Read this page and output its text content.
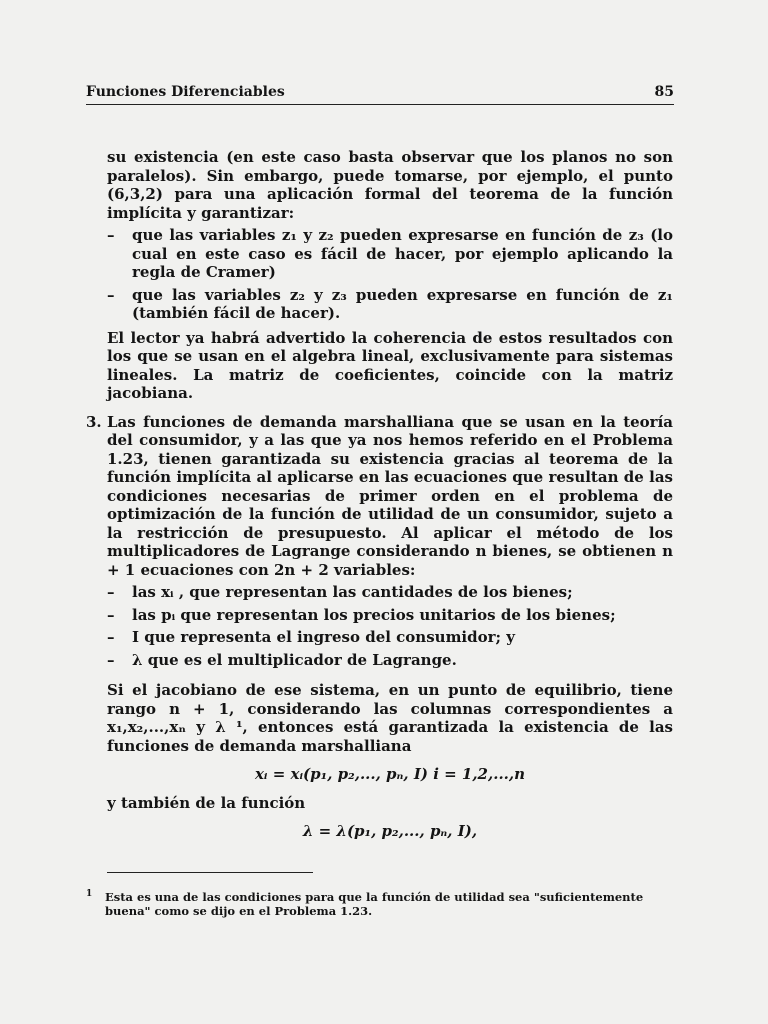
Funciones Diferenciables	85

su existencia (en este caso basta observar que los planos no son paralelos). Sin embargo, puede tomarse, por ejemplo, el punto (6,3,2) para una aplicación formal del teorema de la función implícita y garantizar:

– que las variables z₁ y z₂ pueden expresarse en función de z₃ (lo cual en este caso es fácil de hacer, por ejemplo aplicando la regla de Cramer)
– que las variables z₂ y z₃ pueden expresarse en función de z₁ (también fácil de hacer).

El lector ya habrá advertido la coherencia de estos resultados con los que se usan en el algebra lineal, exclusivamente para sistemas lineales. La matriz de coeficientes, coincide con la matriz jacobiana.

3. Las funciones de demanda marshalliana que se usan en la teoría del consumidor, y a las que ya nos hemos referido en el Problema 1.23, tienen garantizada su existencia gracias al teorema de la función implícita al aplicarse en las ecuaciones que resultan de las condiciones necesarias de primer orden en el problema de optimización de la función de utilidad de un consumidor, sujeto a la restricción de presupuesto. Al aplicar el método de los multiplicadores de Lagrange considerando n bienes, se obtienen n + 1 ecuaciones con 2n + 2 variables:

– las xᵢ , que representan las cantidades de los bienes;
– las pᵢ que representan los precios unitarios de los bienes;
– I que representa el ingreso del consumidor; y
– λ que es el multiplicador de Lagrange.

Si el jacobiano de ese sistema, en un punto de equilibrio, tiene rango n + 1, considerando las columnas correspondientes a x₁,x₂,...,xₙ y λ ¹, entonces está garantizada la existencia de las funciones de demanda marshalliana

xᵢ = xᵢ(p₁, p₂,..., pₙ, I) i = 1,2,...,n

y también de la función

λ = λ(p₁, p₂,..., pₙ, I),
1 Esta es una de las condiciones para que la función de utilidad sea "suficientemente buena" como se dijo en el Problema 1.23.
